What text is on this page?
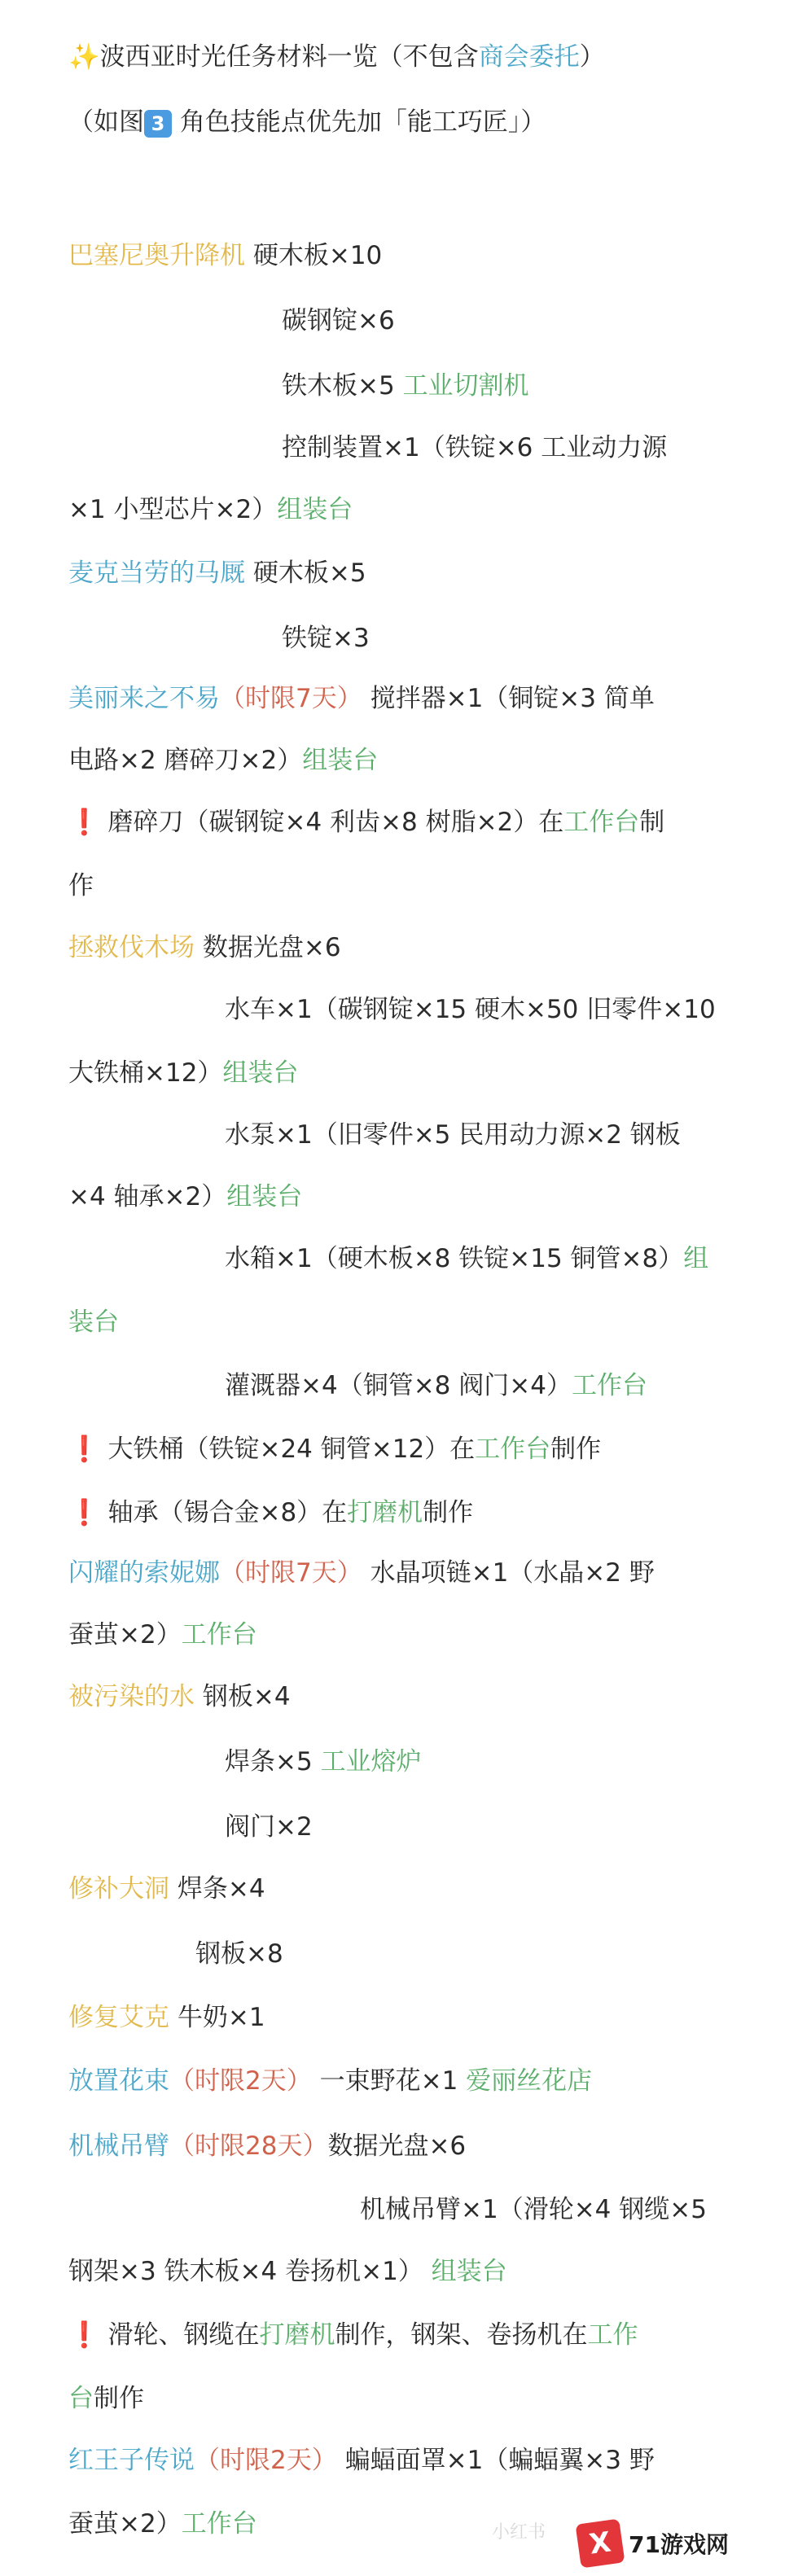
✨波西亚时光任务材料一览（不包含商会委托）
（如图 3 角色技能点优先加「能工巧匠」）
巴塞尼奥升降机 硬木板×10
碳钢锭×6
铁木板×5 工业切割机
控制装置×1（铁锭×6 工业动力源
×1 小型芯片×2）组装台
麦克当劳的马厩 硬木板×5
铁锭×3
美丽来之不易（时限7天） 搅拌器×1（铜锭×3 简单
电路×2 磨碎刀×2）组装台
❗ 磨碎刀（碳钢锭×4 利齿×8 树脂×2）在工作台制
作
拯救伐木场 数据光盘×6
水车×1（碳钢锭×15 硬木×50 旧零件×10
大铁桶×12）组装台
水泵×1（旧零件×5 民用动力源×2 钢板
×4 轴承×2）组装台
水箱×1（硬木板×8 铁锭×15 铜管×8）组
装台
灌溉器×4（铜管×8 阀门×4）工作台
❗ 大铁桶（铁锭×24 铜管×12）在工作台制作
❗ 轴承（锡合金×8）在打磨机制作
闪耀的索妮娜（时限7天） 水晶项链×1（水晶×2 野
蚕茧×2）工作台
被污染的水 钢板×4
焊条×5 工业熔炉
阀门×2
修补大洞 焊条×4
钢板×8
修复艾克 牛奶×1
放置花束（时限2天） 一束野花×1 爱丽丝花店
机械吊臂（时限28天）数据光盘×6
机械吊臂×1（滑轮×4 钢缆×5
钢架×3 铁木板×4 卷扬机×1） 组装台
❗ 滑轮、钢缆在打磨机制作，钢架、卷扬机在工作
台制作
红王子传说（时限2天） 蝙蝠面罩×1（蝙蝠翼×3 野
蚕茧×2）工作台	小红书	X 71游戏网
